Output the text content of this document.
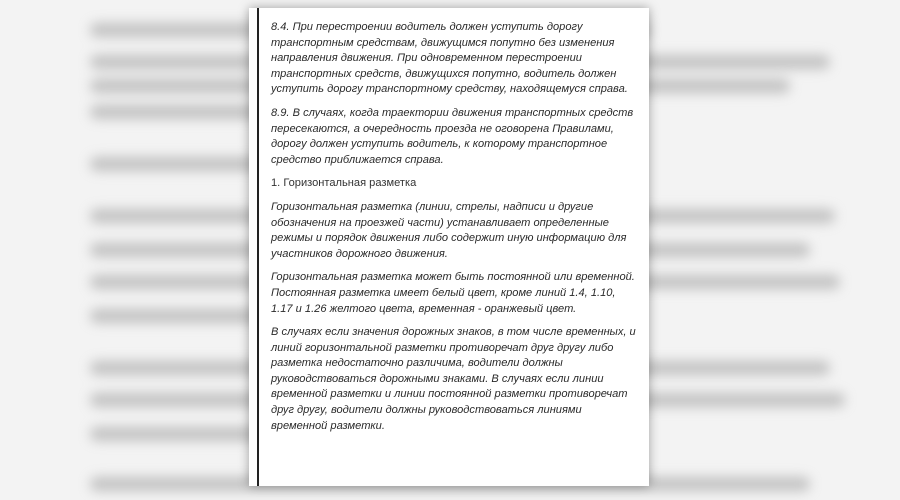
8.4. При перестроении водитель должен уступить дорогу транспортным средствам, движущимся попутно без изменения направления движения. При одновременном перестроении транспортных средств, движущихся попутно, водитель должен уступить дорогу транспортному средству, находящемуся справа.

8.9. В случаях, когда траектории движения транспортных средств пересекаются, а очередность проезда не оговорена Правилами, дорогу должен уступить водитель, к которому транспортное средство приближается справа.

1. Горизонтальная разметка

Горизонтальная разметка (линии, стрелы, надписи и другие обозначения на проезжей части) устанавливает определенные режимы и порядок движения либо содержит иную информацию для участников дорожного движения.

Горизонтальная разметка может быть постоянной или временной. Постоянная разметка имеет белый цвет, кроме линий 1.4, 1.10, 1.17 и 1.26 желтого цвета, временная - оранжевый цвет.

В случаях если значения дорожных знаков, в том числе временных, и линий горизонтальной разметки противоречат друг другу либо разметка недостаточно различима, водители должны руководствоваться дорожными знаками. В случаях если линии временной разметки и линии постоянной разметки противоречат друг другу, водители должны руководствоваться линиями временной разметки.
